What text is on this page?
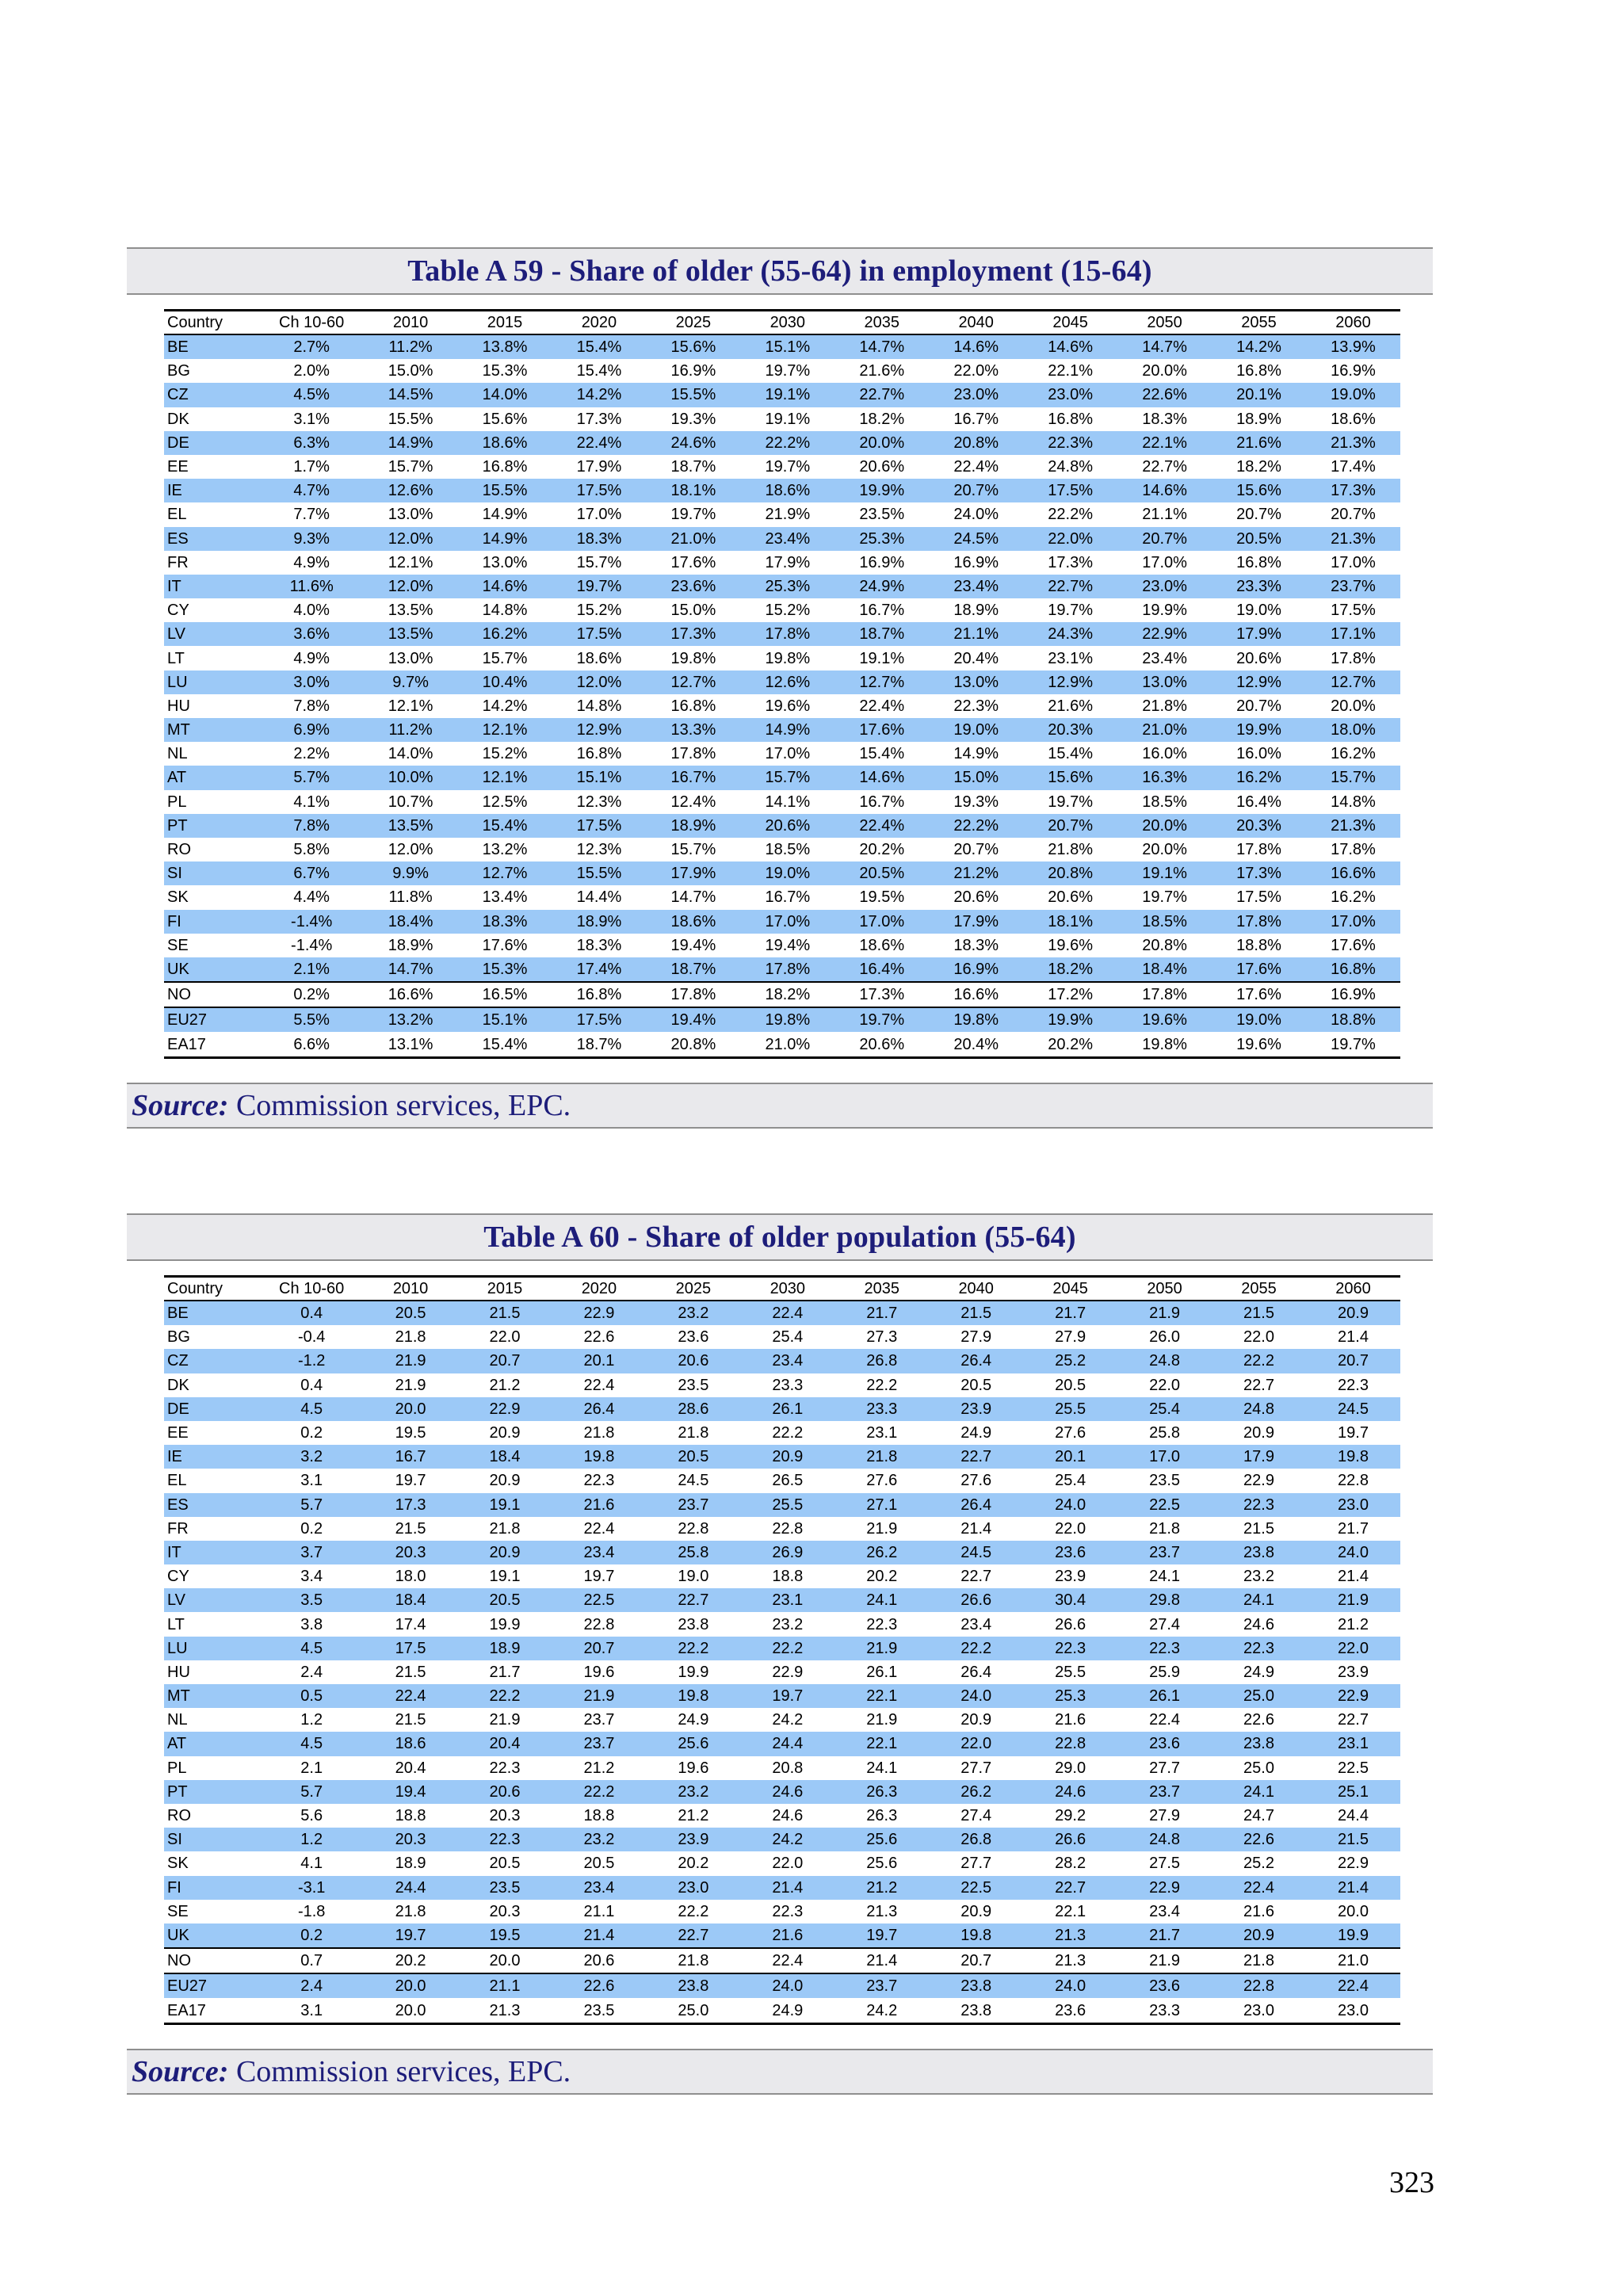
Table A 59 - Share of older (55-64) in employment (15-64)
Country	Ch 10-60	2010	2015	2020	2025	2030	2035	2040	2045	2050	2055	2060
BE	2.7%	11.2%	13.8%	15.4%	15.6%	15.1%	14.7%	14.6%	14.6%	14.7%	14.2%	13.9%
BG	2.0%	15.0%	15.3%	15.4%	16.9%	19.7%	21.6%	22.0%	22.1%	20.0%	16.8%	16.9%
CZ	4.5%	14.5%	14.0%	14.2%	15.5%	19.1%	22.7%	23.0%	23.0%	22.6%	20.1%	19.0%
DK	3.1%	15.5%	15.6%	17.3%	19.3%	19.1%	18.2%	16.7%	16.8%	18.3%	18.9%	18.6%
DE	6.3%	14.9%	18.6%	22.4%	24.6%	22.2%	20.0%	20.8%	22.3%	22.1%	21.6%	21.3%
EE	1.7%	15.7%	16.8%	17.9%	18.7%	19.7%	20.6%	22.4%	24.8%	22.7%	18.2%	17.4%
IE	4.7%	12.6%	15.5%	17.5%	18.1%	18.6%	19.9%	20.7%	17.5%	14.6%	15.6%	17.3%
EL	7.7%	13.0%	14.9%	17.0%	19.7%	21.9%	23.5%	24.0%	22.2%	21.1%	20.7%	20.7%
ES	9.3%	12.0%	14.9%	18.3%	21.0%	23.4%	25.3%	24.5%	22.0%	20.7%	20.5%	21.3%
FR	4.9%	12.1%	13.0%	15.7%	17.6%	17.9%	16.9%	16.9%	17.3%	17.0%	16.8%	17.0%
IT	11.6%	12.0%	14.6%	19.7%	23.6%	25.3%	24.9%	23.4%	22.7%	23.0%	23.3%	23.7%
CY	4.0%	13.5%	14.8%	15.2%	15.0%	15.2%	16.7%	18.9%	19.7%	19.9%	19.0%	17.5%
LV	3.6%	13.5%	16.2%	17.5%	17.3%	17.8%	18.7%	21.1%	24.3%	22.9%	17.9%	17.1%
LT	4.9%	13.0%	15.7%	18.6%	19.8%	19.8%	19.1%	20.4%	23.1%	23.4%	20.6%	17.8%
LU	3.0%	9.7%	10.4%	12.0%	12.7%	12.6%	12.7%	13.0%	12.9%	13.0%	12.9%	12.7%
HU	7.8%	12.1%	14.2%	14.8%	16.8%	19.6%	22.4%	22.3%	21.6%	21.8%	20.7%	20.0%
MT	6.9%	11.2%	12.1%	12.9%	13.3%	14.9%	17.6%	19.0%	20.3%	21.0%	19.9%	18.0%
NL	2.2%	14.0%	15.2%	16.8%	17.8%	17.0%	15.4%	14.9%	15.4%	16.0%	16.0%	16.2%
AT	5.7%	10.0%	12.1%	15.1%	16.7%	15.7%	14.6%	15.0%	15.6%	16.3%	16.2%	15.7%
PL	4.1%	10.7%	12.5%	12.3%	12.4%	14.1%	16.7%	19.3%	19.7%	18.5%	16.4%	14.8%
PT	7.8%	13.5%	15.4%	17.5%	18.9%	20.6%	22.4%	22.2%	20.7%	20.0%	20.3%	21.3%
RO	5.8%	12.0%	13.2%	12.3%	15.7%	18.5%	20.2%	20.7%	21.8%	20.0%	17.8%	17.8%
SI	6.7%	9.9%	12.7%	15.5%	17.9%	19.0%	20.5%	21.2%	20.8%	19.1%	17.3%	16.6%
SK	4.4%	11.8%	13.4%	14.4%	14.7%	16.7%	19.5%	20.6%	20.6%	19.7%	17.5%	16.2%
FI	-1.4%	18.4%	18.3%	18.9%	18.6%	17.0%	17.0%	17.9%	18.1%	18.5%	17.8%	17.0%
SE	-1.4%	18.9%	17.6%	18.3%	19.4%	19.4%	18.6%	18.3%	19.6%	20.8%	18.8%	17.6%
UK	2.1%	14.7%	15.3%	17.4%	18.7%	17.8%	16.4%	16.9%	18.2%	18.4%	17.6%	16.8%
NO	0.2%	16.6%	16.5%	16.8%	17.8%	18.2%	17.3%	16.6%	17.2%	17.8%	17.6%	16.9%
EU27	5.5%	13.2%	15.1%	17.5%	19.4%	19.8%	19.7%	19.8%	19.9%	19.6%	19.0%	18.8%
EA17	6.6%	13.1%	15.4%	18.7%	20.8%	21.0%	20.6%	20.4%	20.2%	19.8%	19.6%	19.7%

Source: Commission services, EPC.

Table A 60 - Share of older population (55-64)
Country	Ch 10-60	2010	2015	2020	2025	2030	2035	2040	2045	2050	2055	2060
BE	0.4	20.5	21.5	22.9	23.2	22.4	21.7	21.5	21.7	21.9	21.5	20.9
BG	-0.4	21.8	22.0	22.6	23.6	25.4	27.3	27.9	27.9	26.0	22.0	21.4
CZ	-1.2	21.9	20.7	20.1	20.6	23.4	26.8	26.4	25.2	24.8	22.2	20.7
DK	0.4	21.9	21.2	22.4	23.5	23.3	22.2	20.5	20.5	22.0	22.7	22.3
DE	4.5	20.0	22.9	26.4	28.6	26.1	23.3	23.9	25.5	25.4	24.8	24.5
EE	0.2	19.5	20.9	21.8	21.8	22.2	23.1	24.9	27.6	25.8	20.9	19.7
IE	3.2	16.7	18.4	19.8	20.5	20.9	21.8	22.7	20.1	17.0	17.9	19.8
EL	3.1	19.7	20.9	22.3	24.5	26.5	27.6	27.6	25.4	23.5	22.9	22.8
ES	5.7	17.3	19.1	21.6	23.7	25.5	27.1	26.4	24.0	22.5	22.3	23.0
FR	0.2	21.5	21.8	22.4	22.8	22.8	21.9	21.4	22.0	21.8	21.5	21.7
IT	3.7	20.3	20.9	23.4	25.8	26.9	26.2	24.5	23.6	23.7	23.8	24.0
CY	3.4	18.0	19.1	19.7	19.0	18.8	20.2	22.7	23.9	24.1	23.2	21.4
LV	3.5	18.4	20.5	22.5	22.7	23.1	24.1	26.6	30.4	29.8	24.1	21.9
LT	3.8	17.4	19.9	22.8	23.8	23.2	22.3	23.4	26.6	27.4	24.6	21.2
LU	4.5	17.5	18.9	20.7	22.2	22.2	21.9	22.2	22.3	22.3	22.3	22.0
HU	2.4	21.5	21.7	19.6	19.9	22.9	26.1	26.4	25.5	25.9	24.9	23.9
MT	0.5	22.4	22.2	21.9	19.8	19.7	22.1	24.0	25.3	26.1	25.0	22.9
NL	1.2	21.5	21.9	23.7	24.9	24.2	21.9	20.9	21.6	22.4	22.6	22.7
AT	4.5	18.6	20.4	23.7	25.6	24.4	22.1	22.0	22.8	23.6	23.8	23.1
PL	2.1	20.4	22.3	21.2	19.6	20.8	24.1	27.7	29.0	27.7	25.0	22.5
PT	5.7	19.4	20.6	22.2	23.2	24.6	26.3	26.2	24.6	23.7	24.1	25.1
RO	5.6	18.8	20.3	18.8	21.2	24.6	26.3	27.4	29.2	27.9	24.7	24.4
SI	1.2	20.3	22.3	23.2	23.9	24.2	25.6	26.8	26.6	24.8	22.6	21.5
SK	4.1	18.9	20.5	20.5	20.2	22.0	25.6	27.7	28.2	27.5	25.2	22.9
FI	-3.1	24.4	23.5	23.4	23.0	21.4	21.2	22.5	22.7	22.9	22.4	21.4
SE	-1.8	21.8	20.3	21.1	22.2	22.3	21.3	20.9	22.1	23.4	21.6	20.0
UK	0.2	19.7	19.5	21.4	22.7	21.6	19.7	19.8	21.3	21.7	20.9	19.9
NO	0.7	20.2	20.0	20.6	21.8	22.4	21.4	20.7	21.3	21.9	21.8	21.0
EU27	2.4	20.0	21.1	22.6	23.8	24.0	23.7	23.8	24.0	23.6	22.8	22.4
EA17	3.1	20.0	21.3	23.5	25.0	24.9	24.2	23.8	23.6	23.3	23.0	23.0

Source: Commission services, EPC.

323
